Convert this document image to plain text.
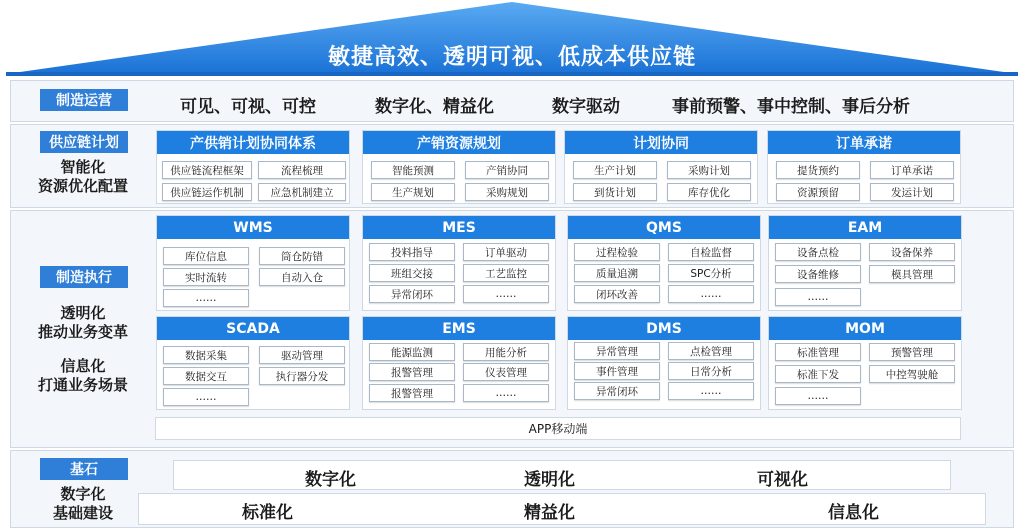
敏捷高效、透明可视、低成本供应链
制造运营	可见、可视、可控	数字化、精益化	数字驱动	事前预警、事中控制、事后分析
供应链计划
智能化
资源优化配置
产供销计划协同体系
供应链流程框架	流程梳理
供应链运作机制	应急机制建立
产销资源规划
智能预测	产销协同
生产规划	采购规划
计划协同
生产计划	采购计划
到货计划	库存优化
订单承诺
提货预约	订单承诺
资源预留	发运计划
制造执行
透明化
推动业务变革
信息化
打通业务场景
WMS
库位信息	筒仓防错
实时流转	自动入仓
……
MES
投料指导	订单驱动
班组交接	工艺监控
异常闭环	……
QMS
过程检验	自检监督
质量追溯	SPC分析
闭环改善	……
EAM
设备点检	设备保养
设备维修	模具管理
……
SCADA
数据采集	驱动管理
数据交互	执行器分发
……
EMS
能源监测	用能分析
报警管理	仪表管理
报警管理	……
DMS
异常管理	点检管理
事件管理	日常分析
异常闭环	……
MOM
标准管理	预警管理
标准下发	中控驾驶舱
……
APP移动端
基石
数字化
基础建设
数字化	透明化	可视化
标准化	精益化	信息化
